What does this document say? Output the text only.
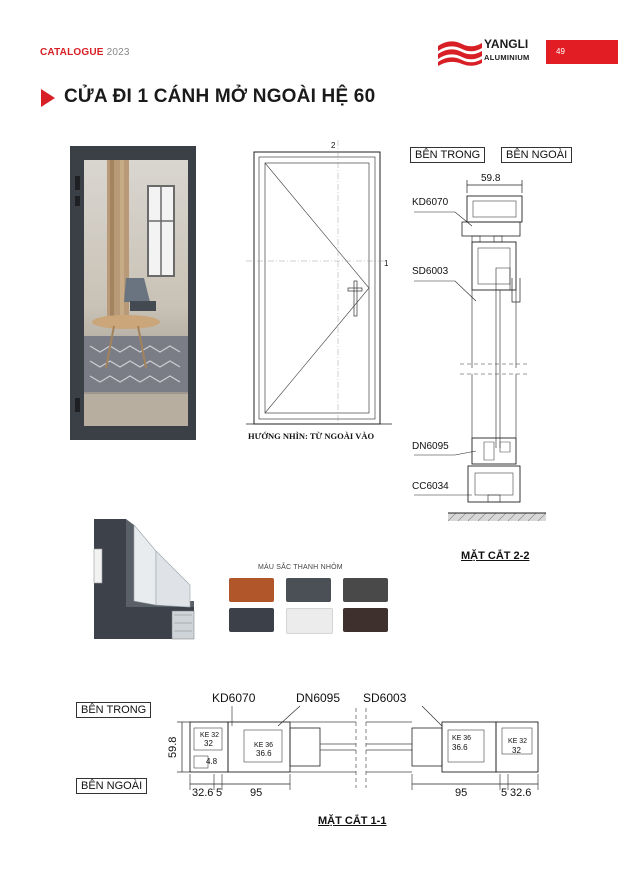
CATALOGUE 2023
YANGLI
ALUMINIUM
49
CỬA ĐI 1 CÁNH MỞ NGOÀI HỆ 60
2
1
HƯỚNG NHÌN: TỪ NGOÀI VÀO
BÊN TRONG	BÊN NGOÀI
59.8
KD6070
SD6003
DN6095
CC6034
MẶT CẮT 2-2
MÀU SẮC THANH NHÔM
BÊN TRONG
BÊN NGOÀI
59.8
KD6070	DN6095 SD6003
KE 32
32	KE 36
36.6
KE 36
36.6
KE 32
32
4.8
32.6 5	95	95	5 32.6
MẶT CẮT 1-1
